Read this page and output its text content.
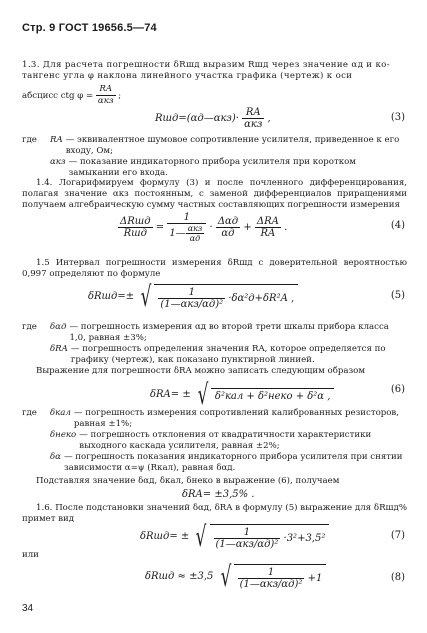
Стр. 9 ГОСТ 19656.5—74
1.3. Для расчета погрешности δRшд выразим Rшд через значение αд и ко-
тангенс угла φ наклона линейного участка графика (чертеж) к оси
абсцисс ctg $\varphi = \frac{RA}{\text{αкз}}$ ;
Rшд=(αд—αкз)· $\frac{RA}{\text{αкз}}$ ,	(3)
где	RA — эквивалентное шумовое сопротивление усилителя, приведенное к его входу, Ом;
αкз — показание индикаторного прибора усилителя при коротком замыкании его входа.
1.4. Логарифмируем формулу (3) и после почленного дифференцирования, полагая значение αкз постоянным, с заменой дифференциалов приращениями получаем алгебраическую сумму частных составляющих погрешности измерения
$\frac{\text{ΔRшд}}{\text{Rшд}} = \frac{1}{1— \frac{\text{αкз}}{\alpha д}} \cdot \frac{\text{Δαд}}{\alpha д} + \frac{\text{ΔRA}}{RA}$ .	(4)
1.5 Интервал погрешности измерения δRшд с доверительной вероятностью 0,997 определяют по формуле
δRшд=± √ $\frac{1}{\text{(1—αкз/αд)²}} \cdot\delta\alpha^2д+\delta R^2A$ ,	(5)
где	δαд — погрешность измерения αд во второй трети шкалы прибора класса 1,0, равная ±3%;
δRA — погрешность определения значения RA, которое определяется по графику (чертеж), как показано пунктирной линией.
Выражение для погрешности δRA можно записать следующим образом
δRA= ± √ δ²кал + δ²неко + δ²α ,
(6)
где	δкал — погрешность измерения сопротивлений калиброванных резисторов, равная ±1%;
δнеко — погрешность отклонения от квадратичности характеристики выходного каскада усилителя, равная ±2%;
δα — погрешность показания индикаторного прибора усилителя при снятии зависимости α=ψ (Rкал), равная δαд.
Подставляя значение δαд, δкал, δнеко в выражение (6), получаем
δRA= ±3,5% .
1.6. После подстановки значений δαд, δRA в формулу (5) выражение для δRшд% примет вид
δRшд= ± √ $\frac{1}{\text{(1—αкз/αд)²}} \cdot 3^2+3,5^2$	(7)
или
δRшд ≈ ±3,5 √ $\frac{1}{\text{(1—αкз/αд)²}} +1$	(8)
34
